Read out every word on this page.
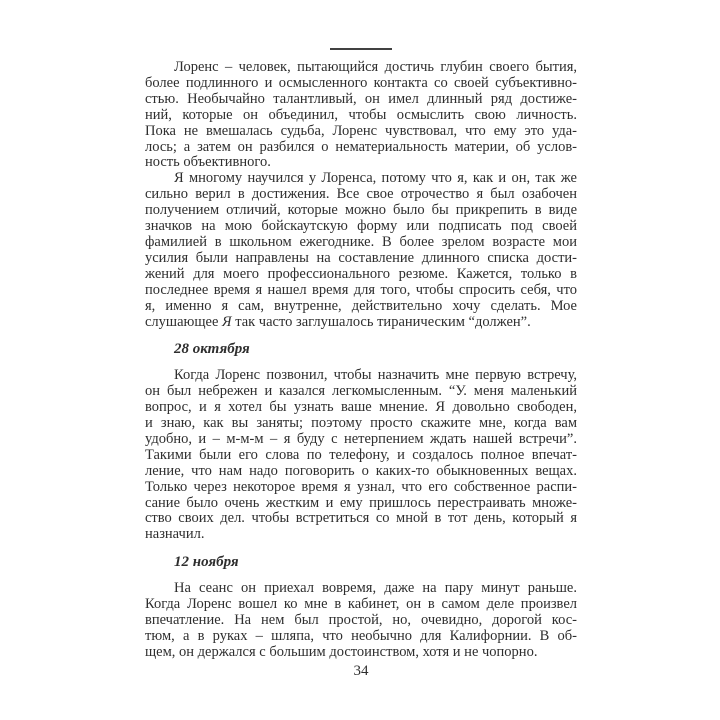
Лоренс – человек, пытающийся достичь глубин своего бытия,
более подлинного и осмысленного контакта со своей субъективно-
стью. Необычайно талантливый, он имел длинный ряд достиже-
ний, которые он объединил, чтобы осмыслить свою личность.
Пока не вмешалась судьба, Лоренс чувствовал, что ему это уда-
лось; а затем он разбился о нематериальность материи, об услов-
ность объективного.
Я многому научился у Лоренса, потому что я, как и он, так же
сильно верил в достижения. Все свое отрочество я был озабочен
получением отличий, которые можно было бы прикрепить в виде
значков на мою бойскаутскую форму или подписать под своей
фамилией в школьном ежегоднике. В более зрелом возрасте мои
усилия были направлены на составление длинного списка дости-
жений для моего профессионального резюме. Кажется, только в
последнее время я нашел время для того, чтобы спросить себя, что
я, именно я сам, внутренне, действительно хочу сделать. Мое
слушающее Я так часто заглушалось тираническим “должен”.
28 октября
Когда Лоренс позвонил, чтобы назначить мне первую встречу,
он был небрежен и казался легкомысленным. “У. меня маленький
вопрос, и я хотел бы узнать ваше мнение. Я довольно свободен,
и знаю, как вы заняты; поэтому просто скажите мне, когда вам
удобно, и – м-м-м – я буду с нетерпением ждать нашей встречи”.
Такими были его слова по телефону, и создалось полное впечат-
ление, что нам надо поговорить о каких-то обыкновенных вещах.
Только через некоторое время я узнал, что его собственное распи-
сание было очень жестким и ему пришлось перестраивать множе-
ство своих дел. чтобы встретиться со мной в тот день, который я
назначил.
12 ноября
На сеанс он приехал вовремя, даже на пару минут раньше.
Когда Лоренс вошел ко мне в кабинет, он в самом деле произвел
впечатление. На нем был простой, но, очевидно, дорогой кос-
тюм, а в руках – шляпа, что необычно для Калифорнии. В об-
щем, он держался с большим достоинством, хотя и не чопорно.
34
